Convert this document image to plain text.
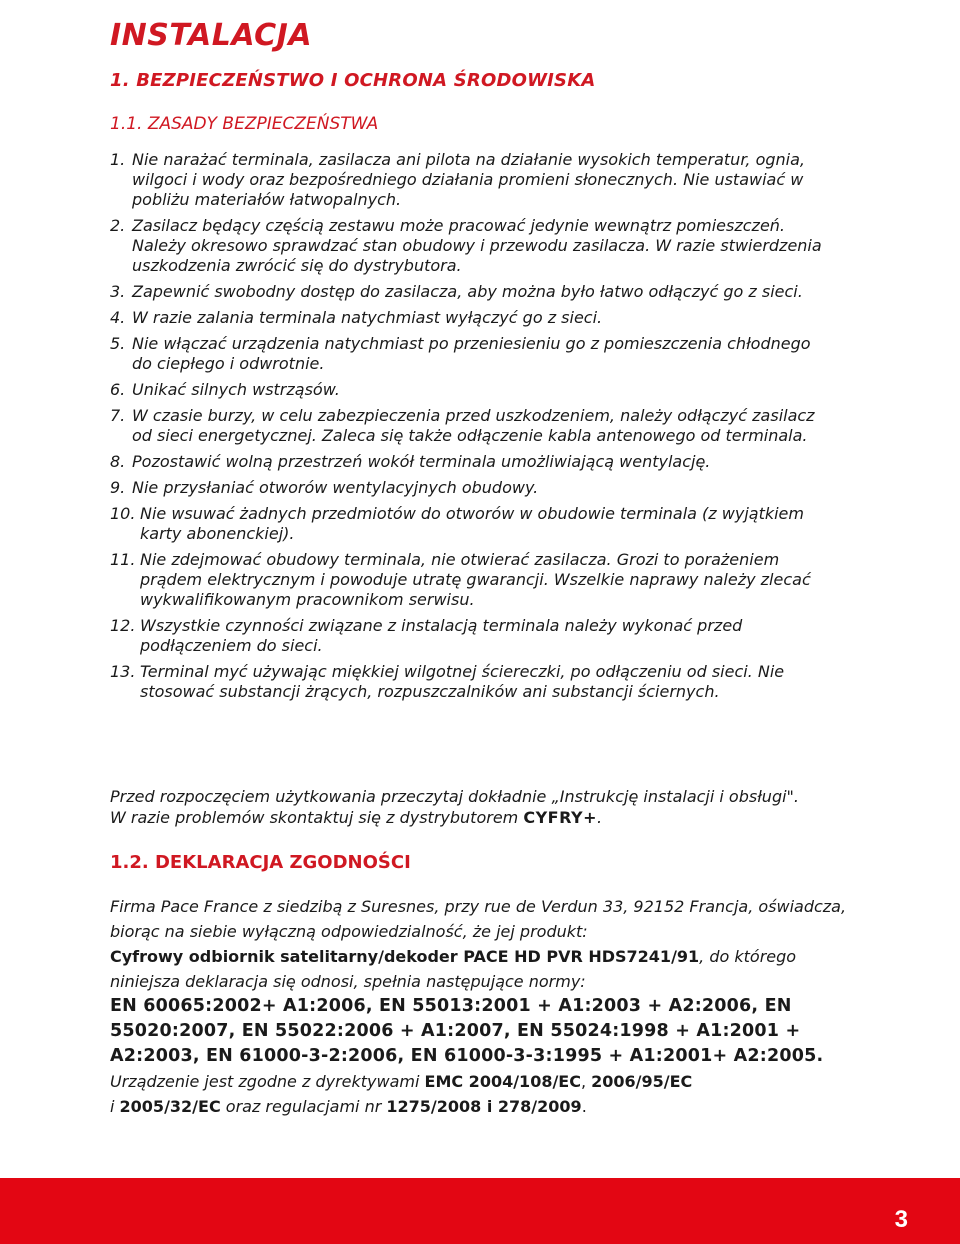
INSTALACJA
1. BEZPIECZEŃSTWO I OCHRONA ŚRODOWISKA
1.1. ZASADY BEZPIECZEŃSTWA
1. Nie narażać terminala, zasilacza ani pilota na działanie wysokich temperatur, ognia, wilgoci i wody oraz bezpośredniego działania promieni słonecznych. Nie ustawiać w pobliżu materiałów łatwopalnych.
2. Zasilacz będący częścią zestawu może pracować jedynie wewnątrz pomieszczeń. Należy okresowo sprawdzać stan obudowy i przewodu zasilacza. W razie stwierdzenia uszkodzenia zwrócić się do dystrybutora.
3. Zapewnić swobodny dostęp do zasilacza, aby można było łatwo odłączyć go z sieci.
4. W razie zalania terminala natychmiast wyłączyć go z sieci.
5. Nie włączać urządzenia natychmiast po przeniesieniu go z pomieszczenia chłodnego do ciepłego i odwrotnie.
6. Unikać silnych wstrząsów.
7. W czasie burzy, w celu zabezpieczenia przed uszkodzeniem, należy odłączyć zasilacz od sieci energetycznej. Zaleca się także odłączenie kabla antenowego od terminala.
8. Pozostawić wolną przestrzeń wokół terminala umożliwiającą wentylację.
9. Nie przysłaniać otworów wentylacyjnych obudowy.
10. Nie wsuwać żadnych przedmiotów do otworów w obudowie terminala (z wyjątkiem karty abonenckiej).
11. Nie zdejmować obudowy terminala, nie otwierać zasilacza. Grozi to porażeniem prądem elektrycznym i powoduje utratę gwarancji. Wszelkie naprawy należy zlecać wykwalifikowanym pracownikom serwisu.
12. Wszystkie czynności związane z instalacją terminala należy wykonać przed podłączeniem do sieci.
13. Terminal myć używając miękkiej wilgotnej ściereczki, po odłączeniu od sieci. Nie stosować substancji żrących, rozpuszczalników ani substancji ściernych.

Przed rozpoczęciem użytkowania przeczytaj dokładnie „Instrukcję instalacji i obsługi". W razie problemów skontaktuj się z dystrybutorem CYFRY+.

1.2. DEKLARACJA ZGODNOŚCI
Firma Pace France z siedzibą z Suresnes, przy rue de Verdun 33, 92152 Francja, oświadcza, biorąc na siebie wyłączną odpowiedzialność, że jej produkt:
Cyfrowy odbiornik satelitarny/dekoder PACE HD PVR HDS7241/91, do którego niniejsza deklaracja się odnosi, spełnia następujące normy:
EN 60065:2002+ A1:2006, EN 55013:2001 + A1:2003 + A2:2006, EN 55020:2007, EN 55022:2006 + A1:2007, EN 55024:1998 + A1:2001 + A2:2003, EN 61000-3-2:2006, EN 61000-3-3:1995 + A1:2001+ A2:2005.
Urządzenie jest zgodne z dyrektywami EMC 2004/108/EC, 2006/95/EC
i 2005/32/EC oraz regulacjami nr 1275/2008 i 278/2009.

3
